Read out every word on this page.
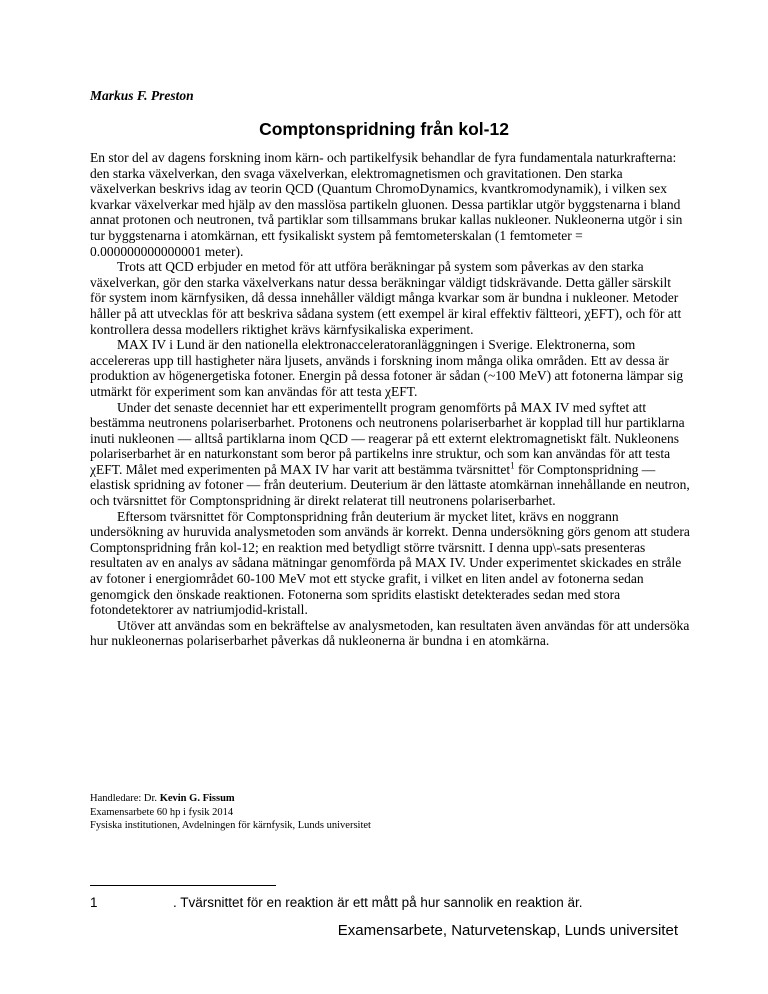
Markus F. Preston
Comptonspridning från kol-12

En stor del av dagens forskning inom kärn- och partikelfysik behandlar de fyra fundamentala naturkrafterna: den starka växelverkan, den svaga växelverkan, elektromagnetismen och gravitationen. Den starka växelverkan beskrivs idag av teorin QCD (Quantum ChromoDynamics, kvantkromodynamik), i vilken sex kvarkar växelverkar med hjälp av den masslösa partikeln gluonen. Dessa partiklar utgör byggstenarna i bland annat protonen och neutronen, två partiklar som tillsammans brukar kallas nukleoner. Nukleonerna utgör i sin tur byggstenarna i atomkärnan, ett fysikaliskt system på femtometerskalan (1 femtometer = 0.000000000000001 meter).

Trots att QCD erbjuder en metod för att utföra beräkningar på system som påverkas av den starka växelverkan, gör den starka växelverkans natur dessa beräkningar väldigt tidskrävande. Detta gäller särskilt för system inom kärnfysiken, då dessa innehåller väldigt många kvarkar som är bundna i nukleoner. Metoder håller på att utvecklas för att beskriva sådana system (ett exempel är kiral effektiv fältteori, χEFT), och för att kontrollera dessa modellers riktighet krävs kärnfysikaliska experiment.

MAX IV i Lund är den nationella elektronacceleratoranläggningen i Sverige. Elektronerna, som accelereras upp till hastigheter nära ljusets, används i forskning inom många olika områden. Ett av dessa är produktion av högenergetiska fotoner. Energin på dessa fotoner är sådan (~100 MeV) att fotonerna lämpar sig utmärkt för experiment som kan användas för att testa χEFT.

Under det senaste decenniet har ett experimentellt program genomförts på MAX IV med syftet att bestämma neutronens polariserbarhet. Protonens och neutronens polariserbarhet är kopplad till hur partiklarna inuti nukleonen — alltså partiklarna inom QCD — reagerar på ett externt elektromagnetiskt fält. Nukleonens polariserbarhet är en naturkonstant som beror på partikelns inre struktur, och som kan användas för att testa χEFT. Målet med experimenten på MAX IV har varit att bestämma tvärsnittet$^1$ för Comptonspridning — elastisk spridning av fotoner — från deuterium. Deuterium är den lättaste atomkärnan innehållande en neutron, och tvärsnittet för Comptonspridning är direkt relaterat till neutronens polariserbarhet.

Eftersom tvärsnittet för Comptonspridning från deuterium är mycket litet, krävs en noggrann undersökning av huruvida analysmetoden som används är korrekt. Denna undersökning görs genom att studera Comptonspridning från kol-12; en reaktion med betydligt större tvärsnitt. I denna upp\-sats presenteras resultaten av en analys av sådana mätningar genomförda på MAX IV. Under experimentet skickades en stråle av fotoner i energiområdet 60-100 MeV mot ett stycke grafit, i vilket en liten andel av fotonerna sedan genomgick den önskade reaktionen. Fotonerna som spridits elastiskt detekterades sedan med stora fotondetektorer av natriumjodid-kristall.

Utöver att användas som en bekräftelse av analysmetoden, kan resultaten även användas för att undersöka hur nukleonernas polariserbarhet påverkas då nukleonerna är bundna i en atomkärna.

Handledare: Dr. Kevin G. Fissum
Examensarbete 60 hp i fysik 2014
Fysiska institutionen, Avdelningen för kärnfysik, Lunds universitet
1	. Tvärsnittet för en reaktion är ett mått på hur sannolik en reaktion är.
Examensarbete, Naturvetenskap, Lunds universitet
